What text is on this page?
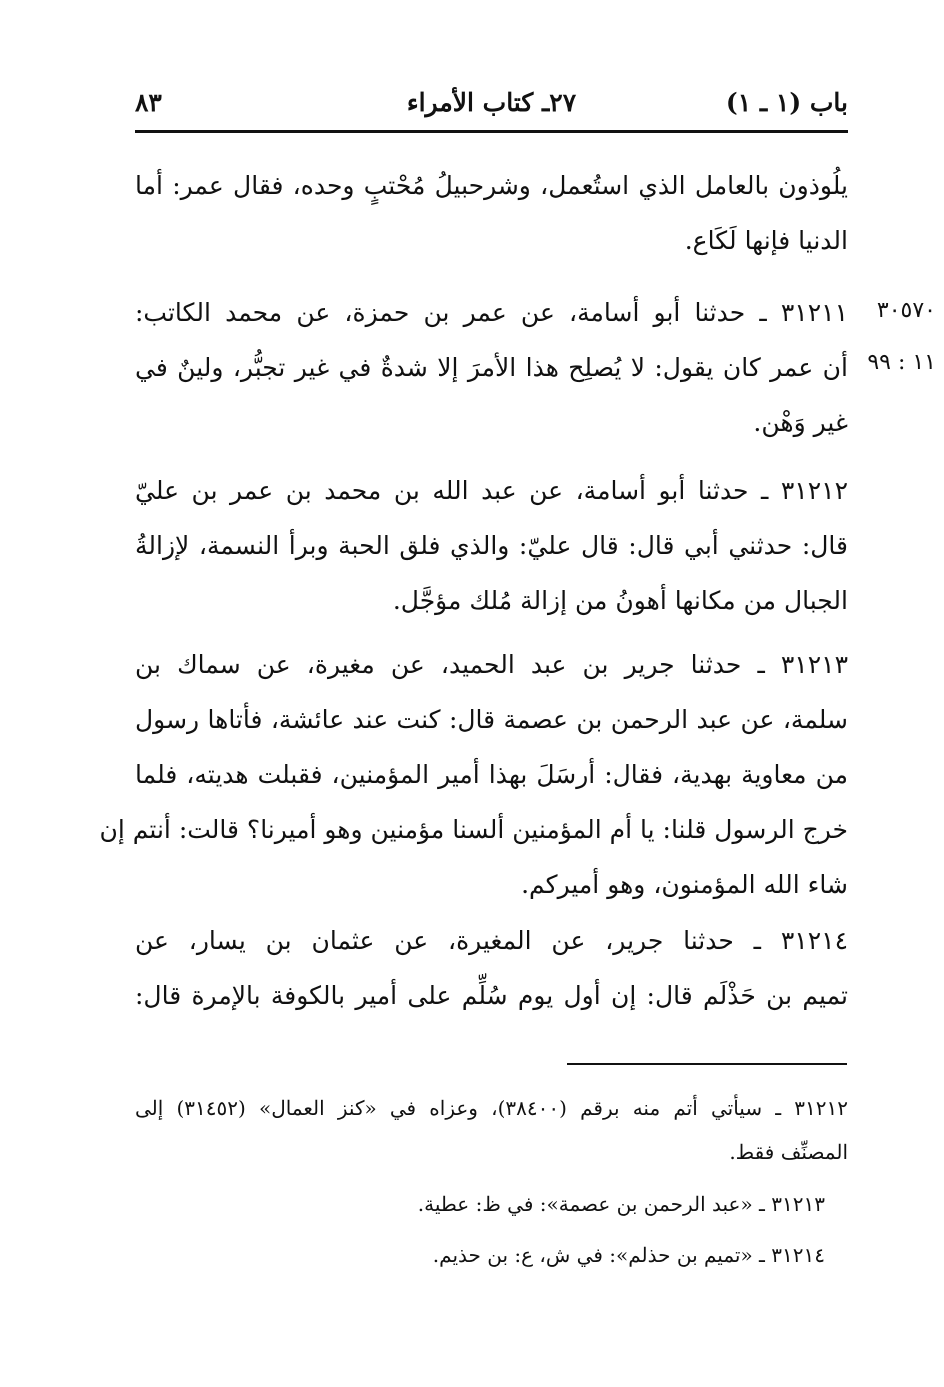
باب (١ ـ ١)
٢٧ـ كتاب الأمراء
٨٣
يلُوذون بالعامل الذي استُعمل، وشرحبيلُ مُحْتبٍ وحده، فقال عمر: أما
الدنيا فإنها لَكَاع.
٣١٢١١ ـ حدثنا أبو أسامة، عن عمر بن حمزة، عن محمد الكاتب:
أن عمر كان يقول: لا يُصلِح هذا الأمرَ إلا شدةٌ في غير تجبُّر، ولينٌ في
غير وَهْن.
٣٠٥٧٠
١١ : ٩٩
٣١٢١٢ ـ حدثنا أبو أسامة، عن عبد الله بن محمد بن عمر بن عليّ
قال: حدثني أبي قال: قال عليّ: والذي فلق الحبة وبرأ النسمة، لإزالةُ
الجبال من مكانها أهونُ من إزالة مُلك مؤجَّل.
٣١٢١٣ ـ حدثنا جرير بن عبد الحميد، عن مغيرة، عن سماك بن
سلمة، عن عبد الرحمن بن عصمة قال: كنت عند عائشة، فأتاها رسول
من معاوية بهدية، فقال: أرسَلَ بهذا أمير المؤمنين، فقبلت هديته، فلما
خرج الرسول قلنا: يا أم المؤمنين ألسنا مؤمنين وهو أميرنا؟ قالت: أنتم إن
شاء الله المؤمنون، وهو أميركم.
٣١٢١٤ ـ حدثنا جرير، عن المغيرة، عن عثمان بن يسار، عن
تميم بن حَذْلَم قال: إن أول يوم سُلِّم على أمير بالكوفة بالإمرة قال:
٣١٢١٢ ـ سيأتي أتم منه برقم (٣٨٤٠٠)، وعزاه في «كنز العمال» (٣١٤٥٢) إلى
المصنِّف فقط.
٣١٢١٣ ـ «عبد الرحمن بن عصمة»: في ظ: عطية.
٣١٢١٤ ـ «تميم بن حذلم»: في ش، ع: بن حذيم.
